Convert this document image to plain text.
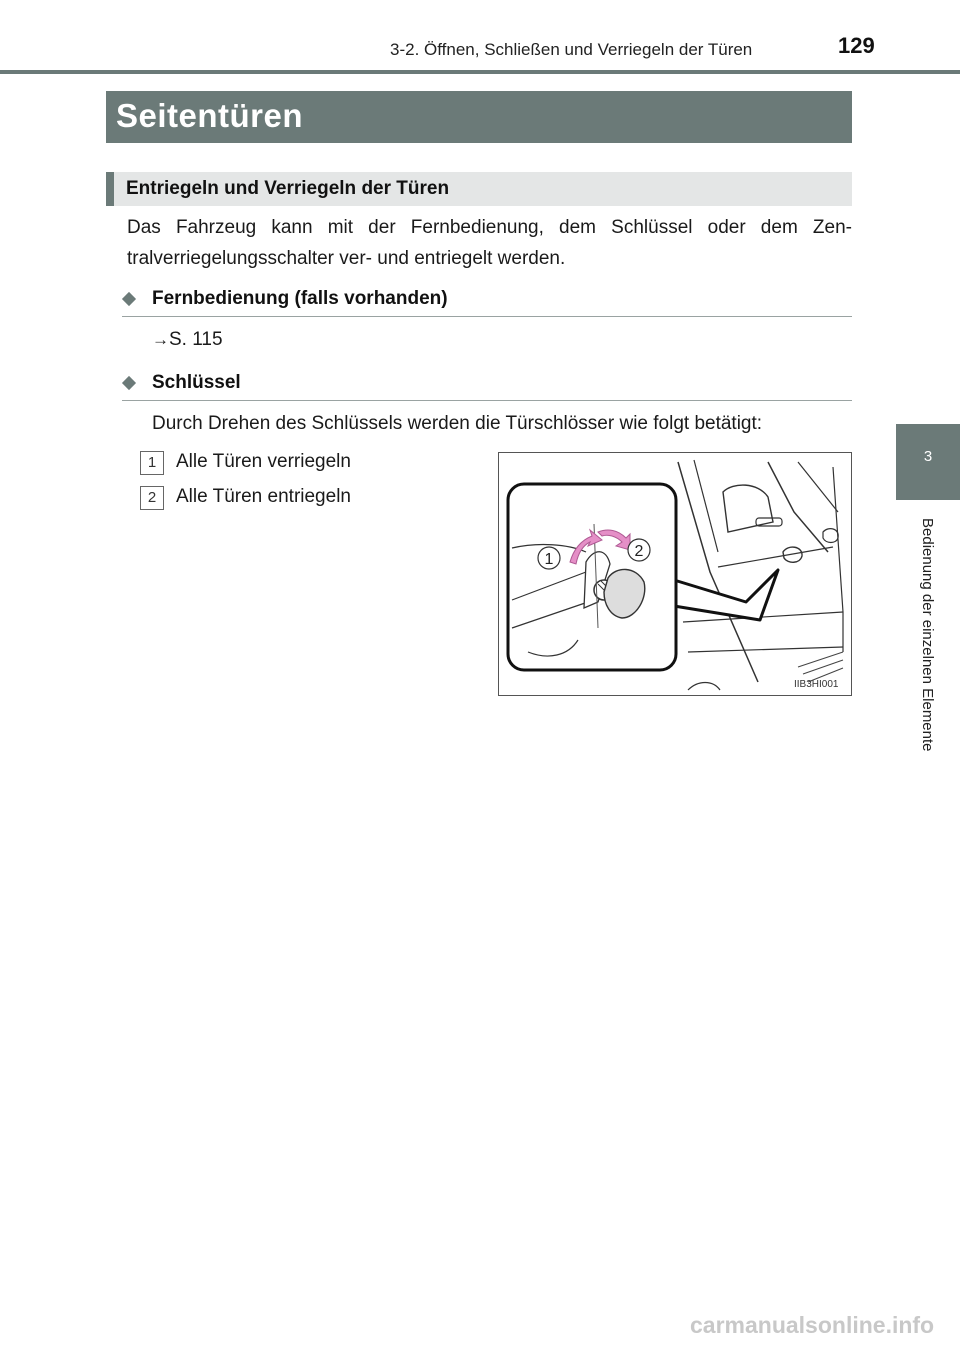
3-2. Öffnen, Schließen und Verriegeln der Türen	129
3
Bedienung der einzelnen Elemente
Seitentüren
Entriegeln und Verriegeln der Türen

Das Fahrzeug kann mit der Fernbedienung, dem Schlüssel oder dem Zentralverriegelungsschalter ver- und entriegelt werden.

Fernbedienung (falls vorhanden)
→S. 115
Schlüssel
Durch Drehen des Schlüssels werden die Türschlösser wie folgt betätigt:
1	Alle Türen verriegeln
2	Alle Türen entriegeln
1	2
IIB3HI001
carmanualsonline.info
